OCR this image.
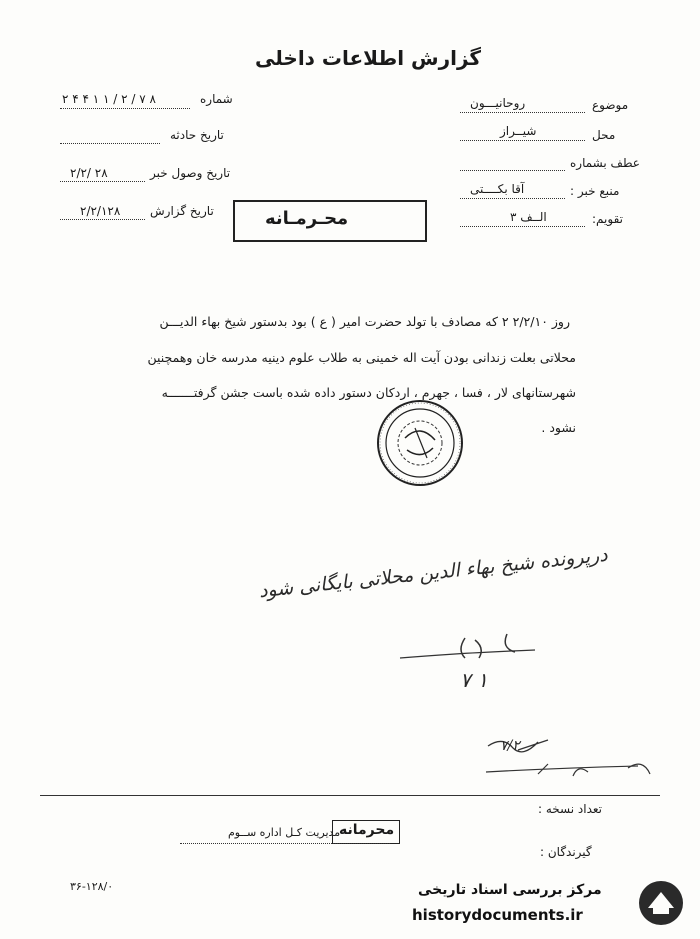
گزارش اطلاعات داخلی
شماره
۲ ۴ ۴ ۱ ۱ / ۲ / ۷ ۸
تاریخ حادثه
تاریخ وصول خبر
۲/۲/ ۲۸
تاریخ گزارش
۲/۲/۱۲۸
موضوع
روحانیـــون
محل
شیــراز
عطف بشماره
منبع خبر :
آقا بکــــتی
تقویم:
الــف ۳
محـرمـانه
روز ۲/۲/۱۰ ۲ که مصادف با تولد حضرت امیر ( ع ) بود بدستور شیخ بهاء الدیـــن
محلاتی بعلت زندانی بودن آیت اله خمینی به طلاب علوم دینیه مدرسه خان وهمچنین
شهرستانهای لار ، فسا ، جهرم ، اردکان دستور داده شده باست جشن گرفتـــــــه
نشود .
درپرونده شیخ بهاء الدین محلاتی بایگانی شود
۷ ۱
۷/۲
تعداد نسخه :
گیرندگان :
مدیریت کـل اداره ســوم
محرمانه
۳۶-۱۲۸/۰	مرکز بررسی اسناد تاریخی
historydocuments.ir
